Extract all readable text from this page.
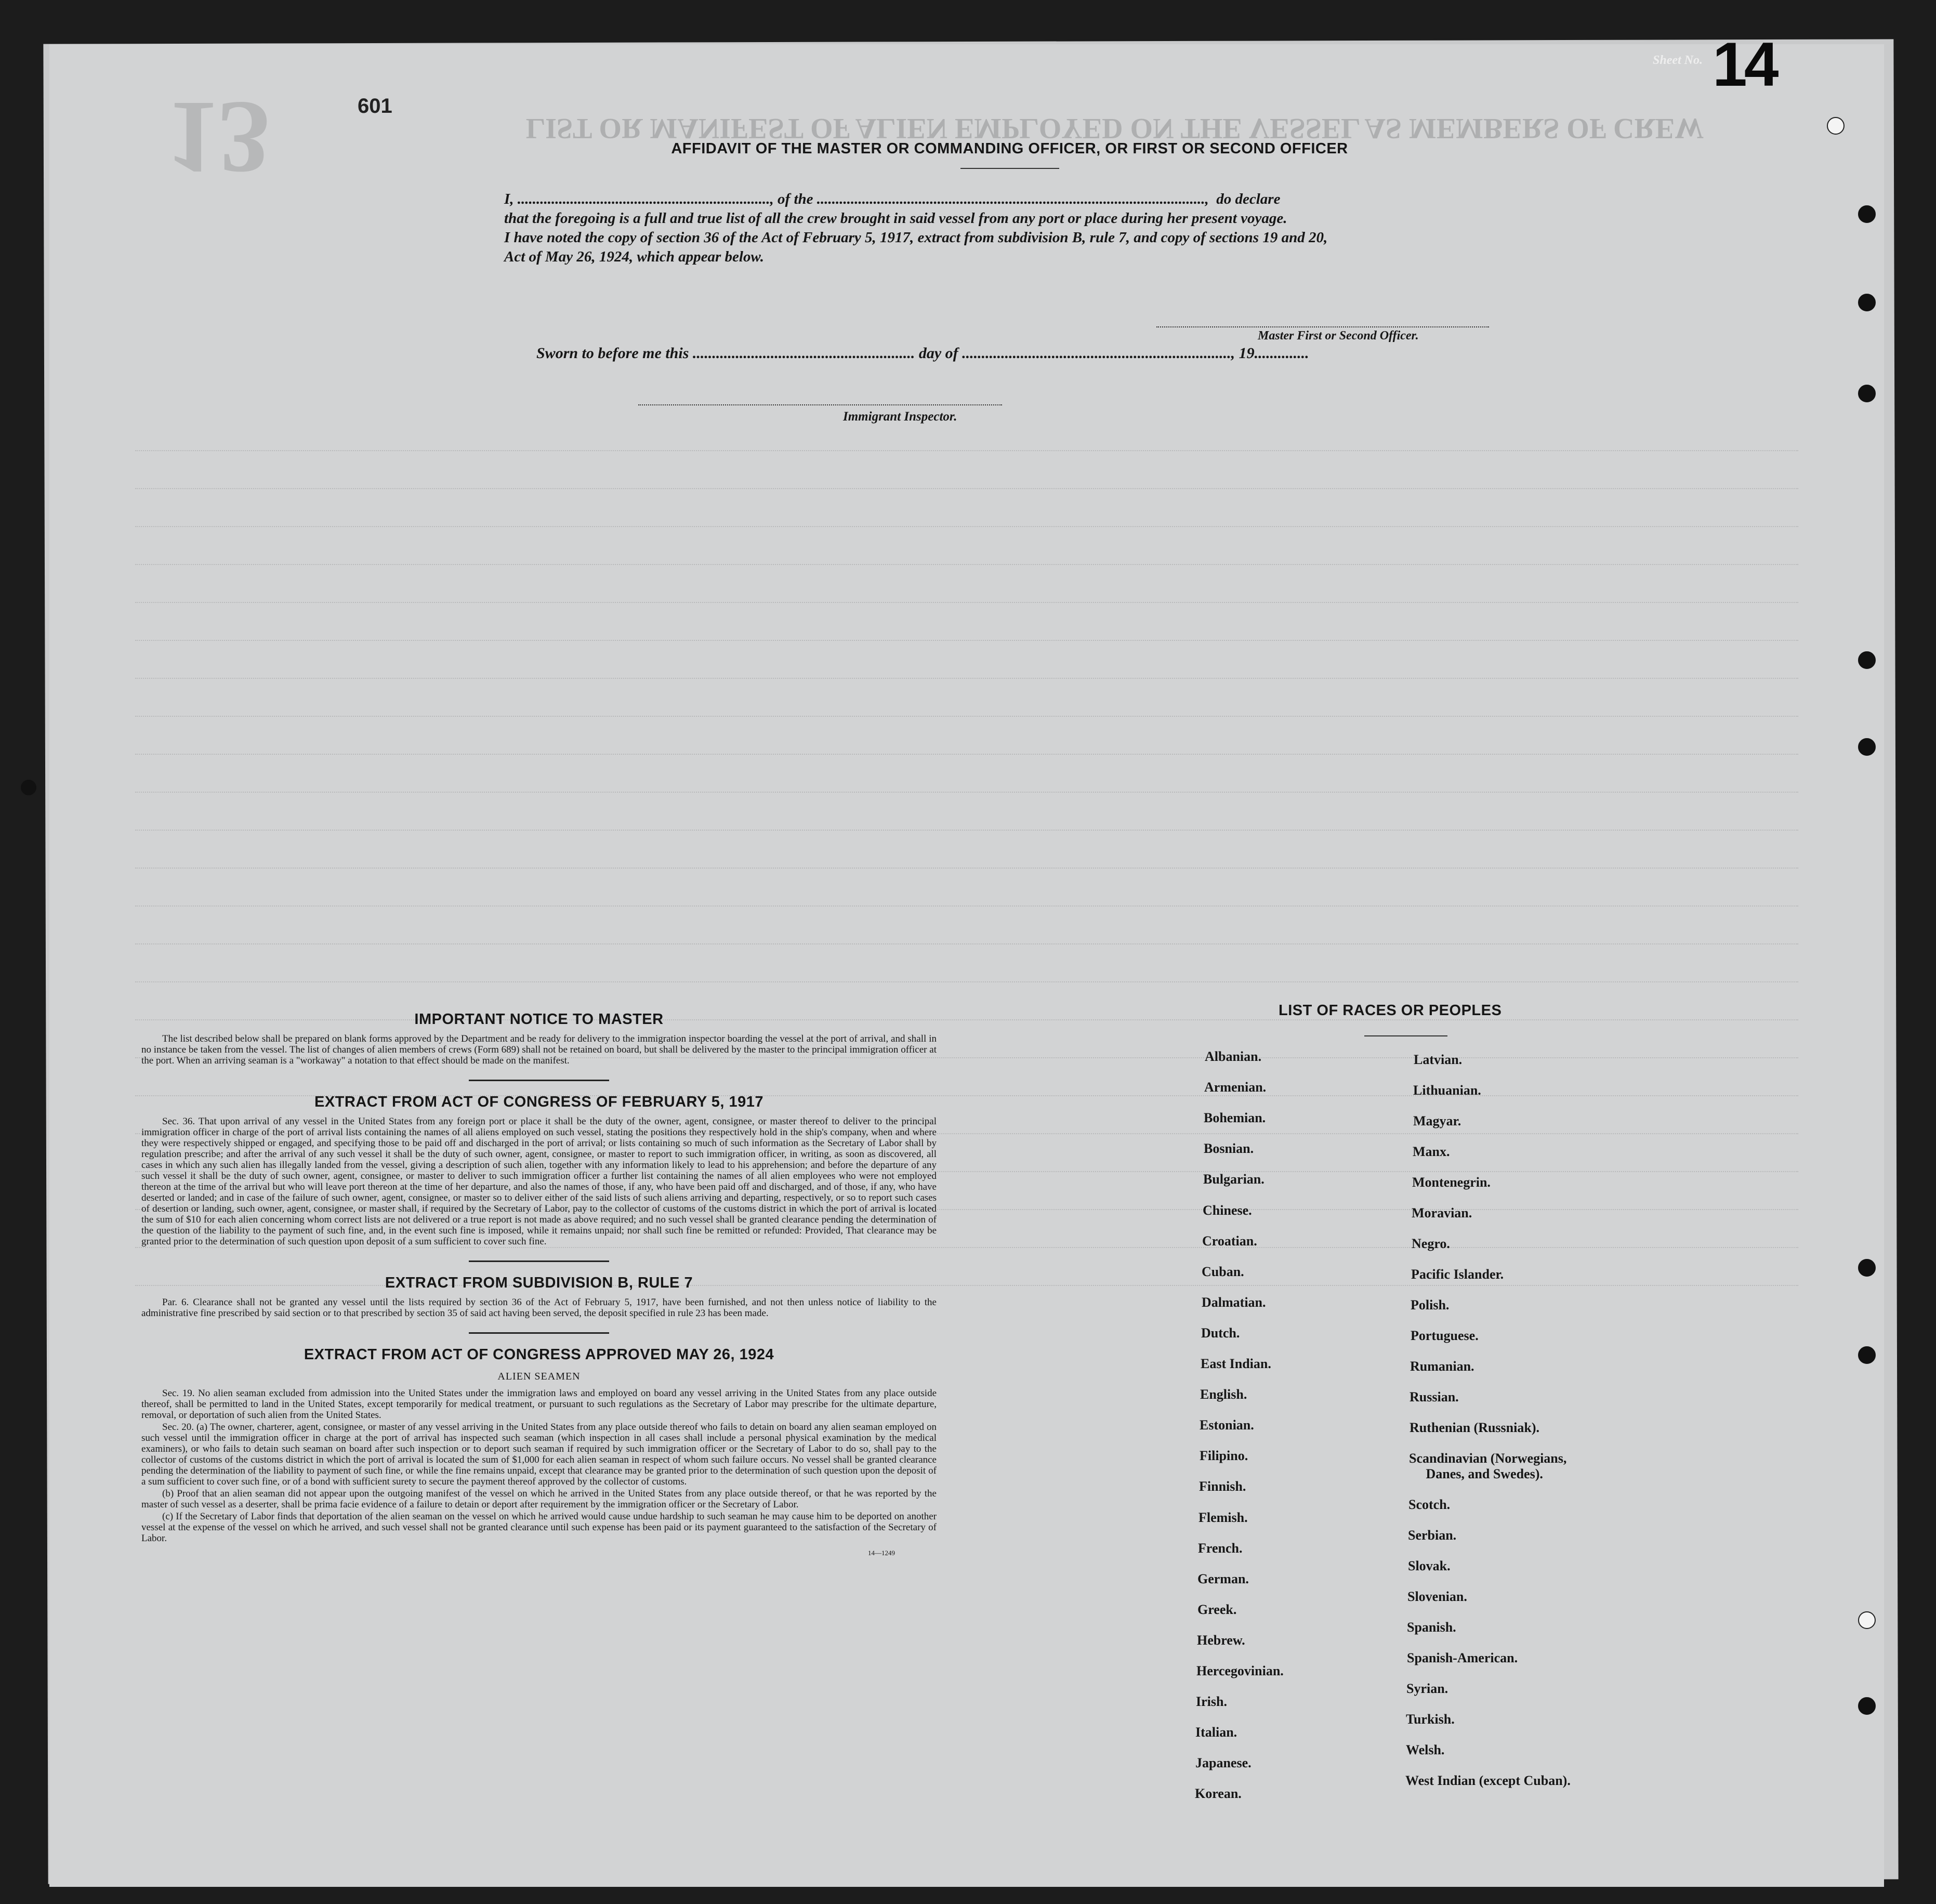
LIST OR MANIFEST OF ALIEN EMPLOYED ON THE VESSEL AS MEMBERS OF CREW
13
Sheet No. 14
601
AFFIDAVIT OF THE MASTER OR COMMANDING OFFICER, OR FIRST OR SECOND OFFICER
I, ..................................................................., of the .......................................................................................................,  do declare
that the foregoing is a full and true list of all the crew brought in said vessel from any port or place during her present voyage.
I have noted the copy of section 36 of the Act of February 5, 1917, extract from subdivision B, rule 7, and copy of sections 19 and 20,
Act of May 26, 1924, which appear below.
Master First or Second Officer.
Sworn to before me this ......................................................... day of ....................................................................., 19..............
Immigrant Inspector.
IMPORTANT NOTICE TO MASTER

The list described below shall be prepared on blank forms approved by the Department and be ready for delivery to the immigration inspector boarding the vessel at the port of arrival, and shall in no instance be taken from the vessel. The list of changes of alien members of crews (Form 689) shall not be retained on board, but shall be delivered by the master to the principal immigration officer at the port. When an arriving seaman is a "workaway" a notation to that effect should be made on the manifest.

EXTRACT FROM ACT OF CONGRESS OF FEBRUARY 5, 1917

Sec. 36. That upon arrival of any vessel in the United States from any foreign port or place it shall be the duty of the owner, agent, consignee, or master thereof to deliver to the principal immigration officer in charge of the port of arrival lists containing the names of all aliens employed on such vessel, stating the positions they respectively hold in the ship's company, when and where they were respectively shipped or engaged, and specifying those to be paid off and discharged in the port of arrival; or lists containing so much of such information as the Secretary of Labor shall by regulation prescribe; and after the arrival of any such vessel it shall be the duty of such owner, agent, consignee, or master to report to such immigration officer, in writing, as soon as discovered, all cases in which any such alien has illegally landed from the vessel, giving a description of such alien, together with any information likely to lead to his apprehension; and before the departure of any such vessel it shall be the duty of such owner, agent, consignee, or master to deliver to such immigration officer a further list containing the names of all alien employees who were not employed thereon at the time of the arrival but who will leave port thereon at the time of her departure, and also the names of those, if any, who have been paid off and discharged, and of those, if any, who have deserted or landed; and in case of the failure of such owner, agent, consignee, or master so to deliver either of the said lists of such aliens arriving and departing, respectively, or so to report such cases of desertion or landing, such owner, agent, consignee, or master shall, if required by the Secretary of Labor, pay to the collector of customs of the customs district in which the port of arrival is located the sum of $10 for each alien concerning whom correct lists are not delivered or a true report is not made as above required; and no such vessel shall be granted clearance pending the determination of the question of the liability to the payment of such fine, and, in the event such fine is imposed, while it remains unpaid; nor shall such fine be remitted or refunded: Provided, That clearance may be granted prior to the determination of such question upon deposit of a sum sufficient to cover such fine.

EXTRACT FROM SUBDIVISION B, RULE 7

Par. 6. Clearance shall not be granted any vessel until the lists required by section 36 of the Act of February 5, 1917, have been furnished, and not then unless notice of liability to the administrative fine prescribed by said section or to that prescribed by section 35 of said act having been served, the deposit specified in rule 23 has been made.

EXTRACT FROM ACT OF CONGRESS APPROVED MAY 26, 1924
ALIEN SEAMEN

Sec. 19. No alien seaman excluded from admission into the United States under the immigration laws and employed on board any vessel arriving in the United States from any place outside thereof, shall be permitted to land in the United States, except temporarily for medical treatment, or pursuant to such regulations as the Secretary of Labor may prescribe for the ultimate departure, removal, or deportation of such alien from the United States.

Sec. 20. (a) The owner, charterer, agent, consignee, or master of any vessel arriving in the United States from any place outside thereof who fails to detain on board any alien seaman employed on such vessel until the immigration officer in charge at the port of arrival has inspected such seaman (which inspection in all cases shall include a personal physical examination by the medical examiners), or who fails to detain such seaman on board after such inspection or to deport such seaman if required by such immigration officer or the Secretary of Labor to do so, shall pay to the collector of customs of the customs district in which the port of arrival is located the sum of $1,000 for each alien seaman in respect of whom such failure occurs. No vessel shall be granted clearance pending the determination of the liability to payment of such fine, or while the fine remains unpaid, except that clearance may be granted prior to the determination of such question upon the deposit of a sum sufficient to cover such fine, or of a bond with sufficient surety to secure the payment thereof approved by the collector of customs.

(b) Proof that an alien seaman did not appear upon the outgoing manifest of the vessel on which he arrived in the United States from any place outside thereof, or that he was reported by the master of such vessel as a deserter, shall be prima facie evidence of a failure to detain or deport after requirement by the immigration officer or the Secretary of Labor.

(c) If the Secretary of Labor finds that deportation of the alien seaman on the vessel on which he arrived would cause undue hardship to such seaman he may cause him to be deported on another vessel at the expense of the vessel on which he arrived, and such vessel shall not be granted clearance until such expense has been paid or its payment guaranteed to the satisfaction of the Secretary of Labor.

14—1249
LIST OF RACES OR PEOPLES
Albanian.
Armenian.
Bohemian.
Bosnian.
Bulgarian.
Chinese.
Croatian.
Cuban.
Dalmatian.
Dutch.
East Indian.
English.
Estonian.
Filipino.
Finnish.
Flemish.
French.
German.
Greek.
Hebrew.
Hercegovinian.
Irish.
Italian.
Japanese.
Korean.
Latvian.
Lithuanian.
Magyar.
Manx.
Montenegrin.
Moravian.
Negro.
Pacific Islander.
Polish.
Portuguese.
Rumanian.
Russian.
Ruthenian (Russniak).
Scandinavian (Norwegians,
Danes, and Swedes).
Scotch.
Serbian.
Slovak.
Slovenian.
Spanish.
Spanish-American.
Syrian.
Turkish.
Welsh.
West Indian (except Cuban).
